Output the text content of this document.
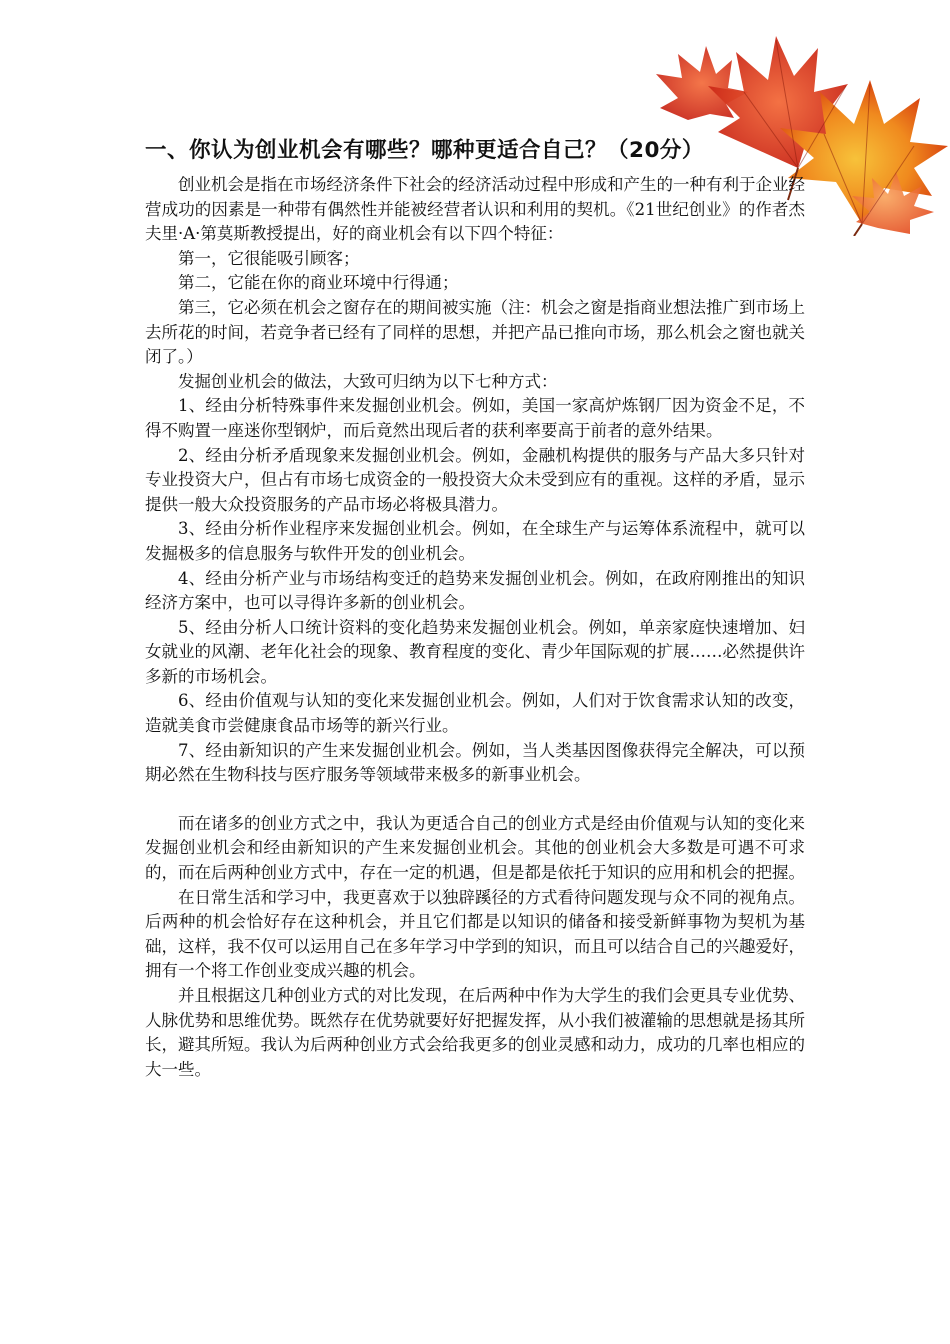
一、你认为创业机会有哪些？哪种更适合自己？（20分）

创业机会是指在市场经济条件下社会的经济活动过程中形成和产生的一种有利于企业经营成功的因素是一种带有偶然性并能被经营者认识和利用的契机。《21世纪创业》的作者杰夫里·A·第莫斯教授提出，好的商业机会有以下四个特征：

第一，它很能吸引顾客；

第二，它能在你的商业环境中行得通；

第三，它必须在机会之窗存在的期间被实施（注：机会之窗是指商业想法推广到市场上去所花的时间，若竞争者已经有了同样的思想，并把产品已推向市场，那么机会之窗也就关闭了。）

发掘创业机会的做法，大致可归纳为以下七种方式：

1、经由分析特殊事件来发掘创业机会。例如，美国一家高炉炼钢厂因为资金不足，不得不购置一座迷你型钢炉，而后竟然出现后者的获利率要高于前者的意外结果。

2、经由分析矛盾现象来发掘创业机会。例如，金融机构提供的服务与产品大多只针对专业投资大户，但占有市场七成资金的一般投资大众未受到应有的重视。这样的矛盾，显示提供一般大众投资服务的产品市场必将极具潜力。

3、经由分析作业程序来发掘创业机会。例如，在全球生产与运筹体系流程中，就可以发掘极多的信息服务与软件开发的创业机会。

4、经由分析产业与市场结构变迁的趋势来发掘创业机会。例如，在政府刚推出的知识经济方案中，也可以寻得许多新的创业机会。

5、经由分析人口统计资料的变化趋势来发掘创业机会。例如，单亲家庭快速增加、妇女就业的风潮、老年化社会的现象、教育程度的变化、青少年国际观的扩展……必然提供许多新的市场机会。

6、经由价值观与认知的变化来发掘创业机会。例如，人们对于饮食需求认知的改变，造就美食市尝健康食品市场等的新兴行业。

7、经由新知识的产生来发掘创业机会。例如，当人类基因图像获得完全解决，可以预期必然在生物科技与医疗服务等领域带来极多的新事业机会。

而在诸多的创业方式之中，我认为更适合自己的创业方式是经由价值观与认知的变化来发掘创业机会和经由新知识的产生来发掘创业机会。其他的创业机会大多数是可遇不可求的，而在后两种创业方式中，存在一定的机遇，但是都是依托于知识的应用和机会的把握。

在日常生活和学习中，我更喜欢于以独辟蹊径的方式看待问题发现与众不同的视角点。后两种的机会恰好存在这种机会，并且它们都是以知识的储备和接受新鲜事物为契机为基础，这样，我不仅可以运用自己在多年学习中学到的知识，而且可以结合自己的兴趣爱好，拥有一个将工作创业变成兴趣的机会。

并且根据这几种创业方式的对比发现，在后两种中作为大学生的我们会更具专业优势、人脉优势和思维优势。既然存在优势就要好好把握发挥，从小我们被灌输的思想就是扬其所长，避其所短。我认为后两种创业方式会给我更多的创业灵感和动力，成功的几率也相应的大一些。
